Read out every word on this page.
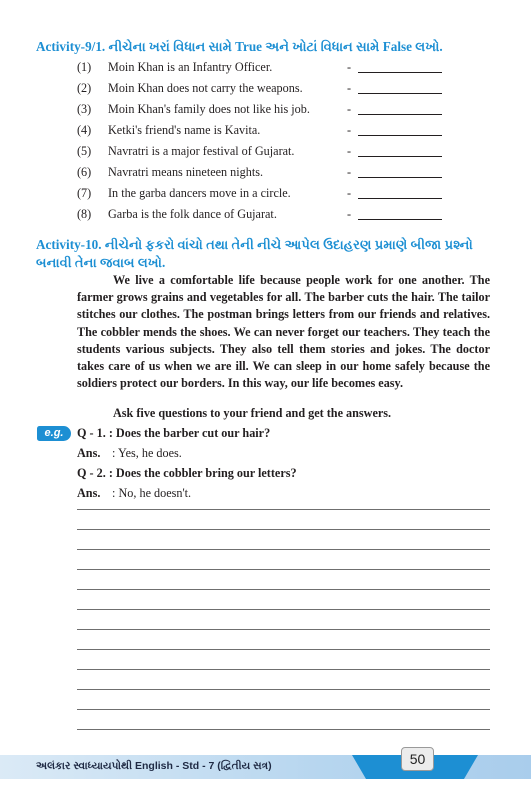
Activity-9/1. નીચેના ખરાં વિધાન સામે True અને ખોટાં વિધાન સામે False લખો.
(1) Moin Khan is an Infantry Officer.	-
(2) Moin Khan does not carry the weapons.	-
(3) Moin Khan's family does not like his job.	-
(4) Ketki's friend's name is Kavita.	-
(5) Navratri is a major festival of Gujarat.	-
(6) Navratri means nineteen nights.	-
(7) In the garba dancers move in a circle.	-
(8) Garba is the folk dance of Gujarat.	-
Activity-10. નીચેનો ફકરો વાંચો તથા તેની નીચે આપેલ ઉદાહરણ પ્રમાણે બીજા પ્રશ્નો બનાવી તેના જવાબ લખો.
We live a comfortable life because people work for one another. The farmer grows grains and vegetables for all. The barber cuts the hair. The tailor stitches our clothes. The postman brings letters from our friends and relatives. The cobbler mends the shoes. We can never forget our teachers. They teach the students various subjects. They also tell them stories and jokes. The doctor takes care of us when we are ill. We can sleep in our home safely because the soldiers protect our borders. In this way, our life becomes easy.
Ask five questions to your friend and get the answers.
e.g.	Q - 1. : Does the barber cut our hair?
Ans. : Yes, he does.
Q - 2. : Does the cobbler bring our letters?
Ans. : No, he doesn't.
અલંકાર સ્વાધ્યાયપોથી English - Std - 7 (દ્વિતીય સત્ર)	50
